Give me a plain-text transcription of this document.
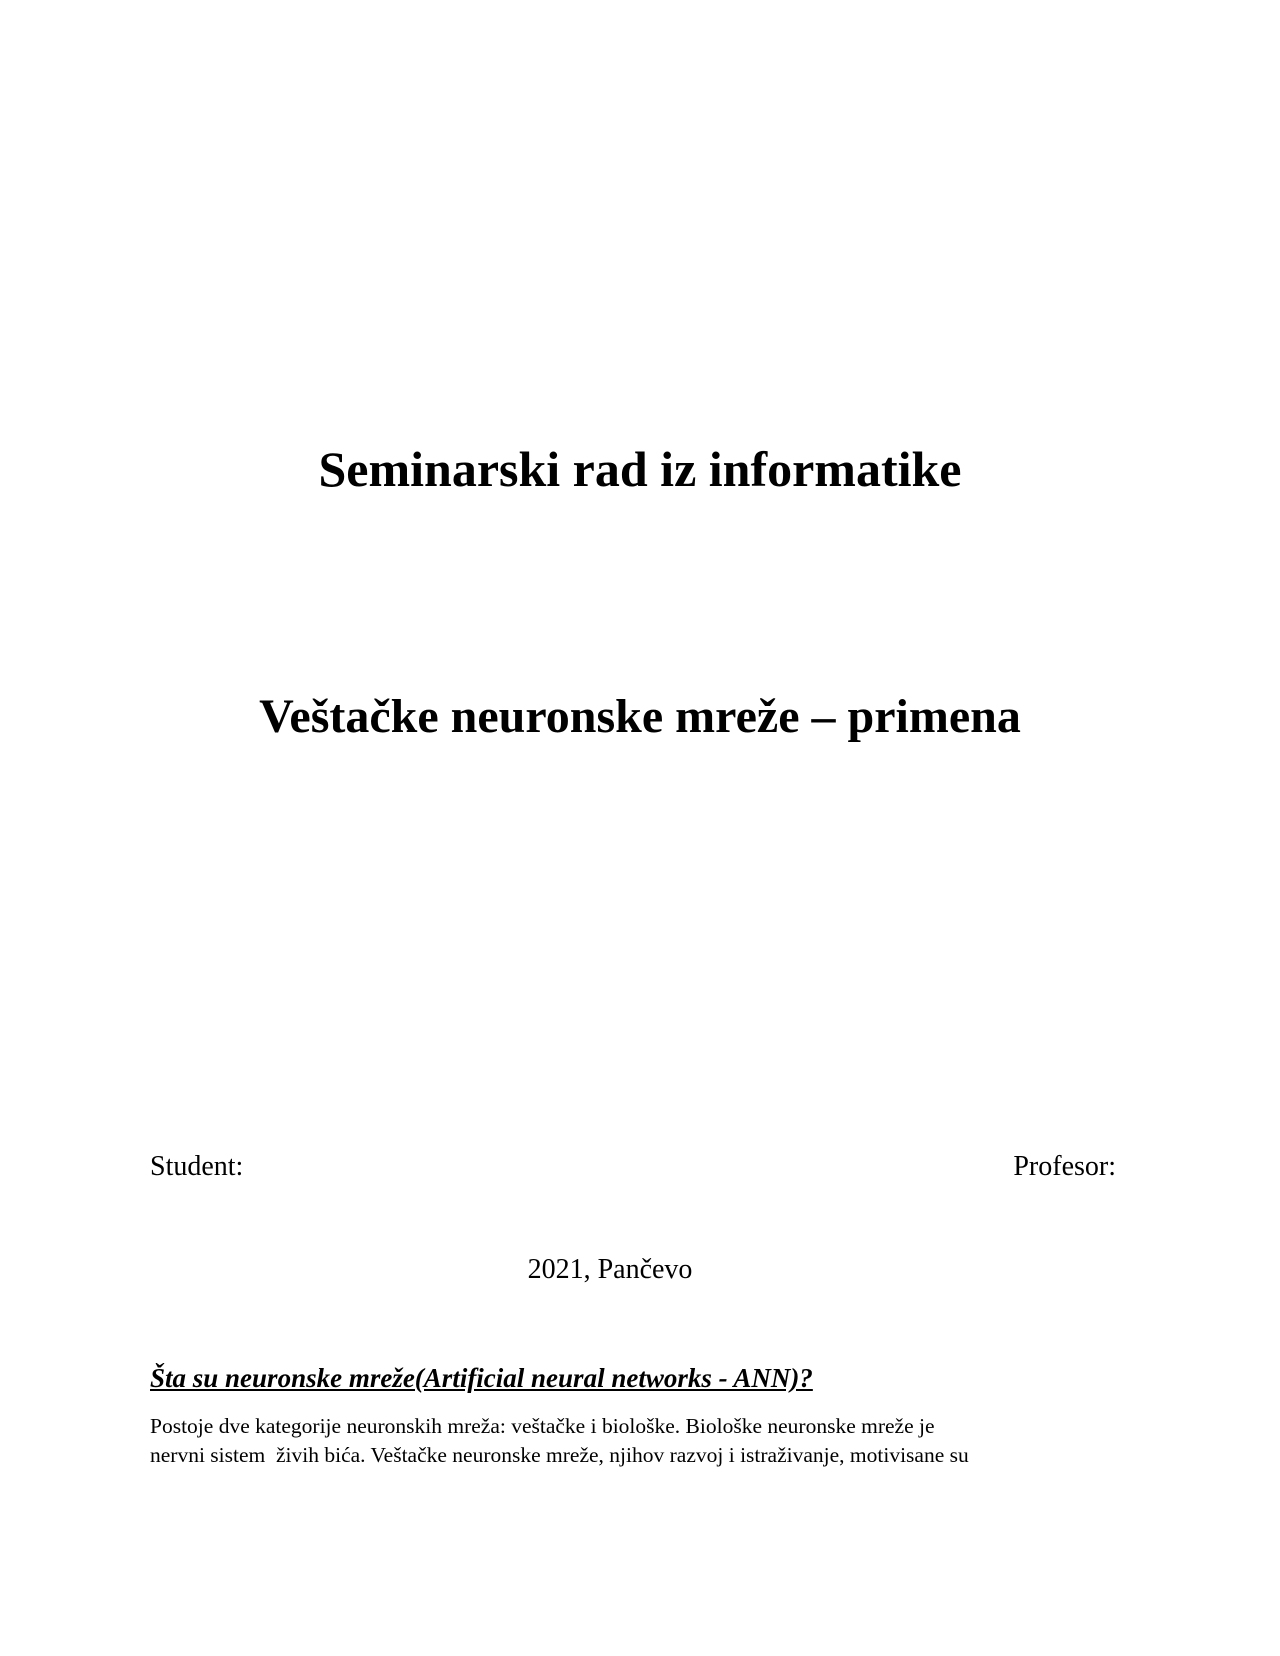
Seminarski rad iz informatike
Veštačke neuronske mreže – primena
Student:	Profesor:
2021, Pančevo
Šta su neuronske mreže(Artificial neural networks - ANN)?

Postoje dve kategorije neuronskih mreža: veštačke i biološke. Biološke neuronske mreže je
nervni sistem  živih bića. Veštačke neuronske mreže, njihov razvoj i istraživanje, motivisane su
